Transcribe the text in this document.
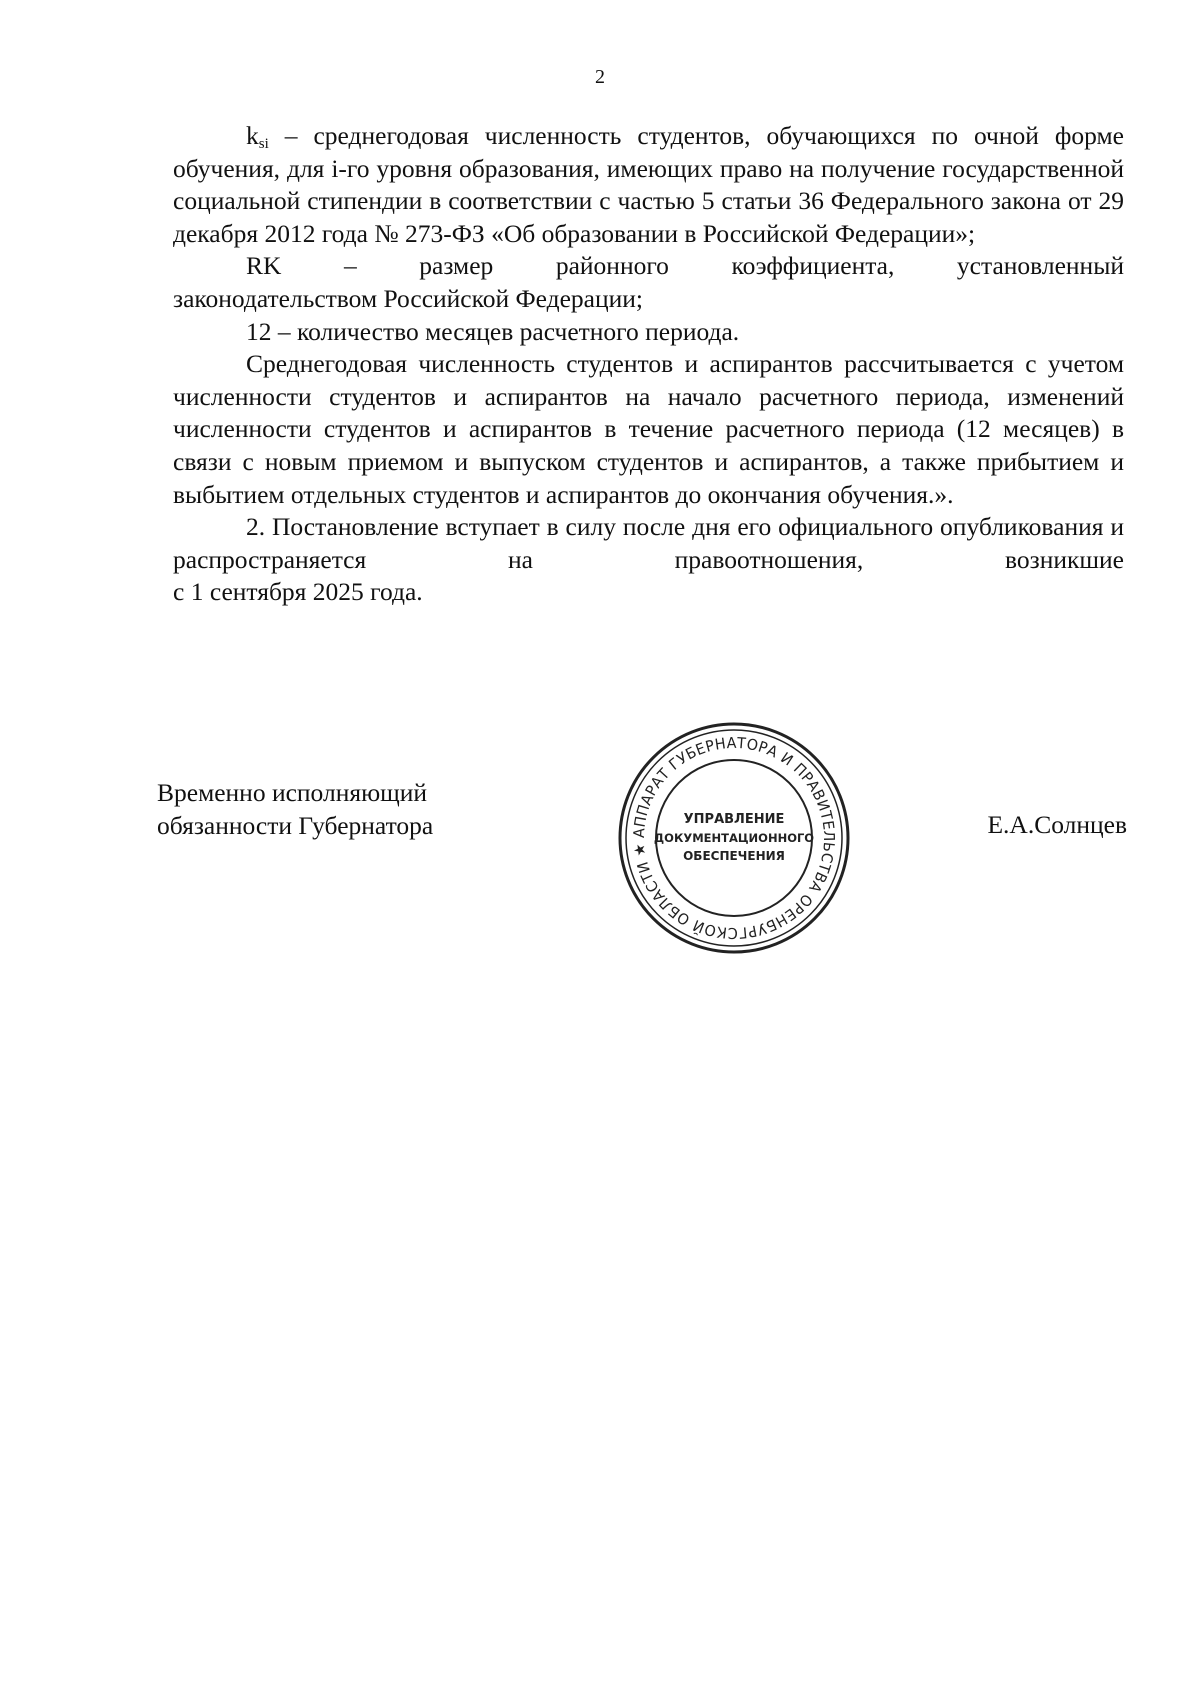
2

$k_{si}$ – среднегодовая численность студентов, обучающихся по очной форме обучения, для i-го уровня образования, имеющих право на получение государственной социальной стипендии в соответствии с частью 5 статьи 36 Федерального закона от 29 декабря 2012 года № 273-ФЗ «Об образовании в Российской Федерации»;

RK – размер районного коэффициента, установленный

законодательством Российской Федерации;

12 – количество месяцев расчетного периода.

Среднегодовая численность студентов и аспирантов рассчитывается с учетом численности студентов и аспирантов на начало расчетного периода, изменений численности студентов и аспирантов в течение расчетного периода (12 месяцев) в связи с новым приемом и выпуском студентов и аспирантов, а также прибытием и выбытием отдельных студентов и аспирантов до окончания обучения.».

2. Постановление вступает в силу после дня его официального опубликования и распространяется на правоотношения, возникшие

с 1 сентября 2025 года.

Временно исполняющий
обязанности Губернатора	АППАРАТ ГУБЕРНАТОРА И ПРАВИТЕЛЬСТВА ОРЕНБУРГСКОЙ ОБЛАСТИ ★
УПРАВЛЕНИЕ
ДОКУМЕНТАЦИОННОГО
ОБЕСПЕЧЕНИЯ
Е.А.Солнцев
